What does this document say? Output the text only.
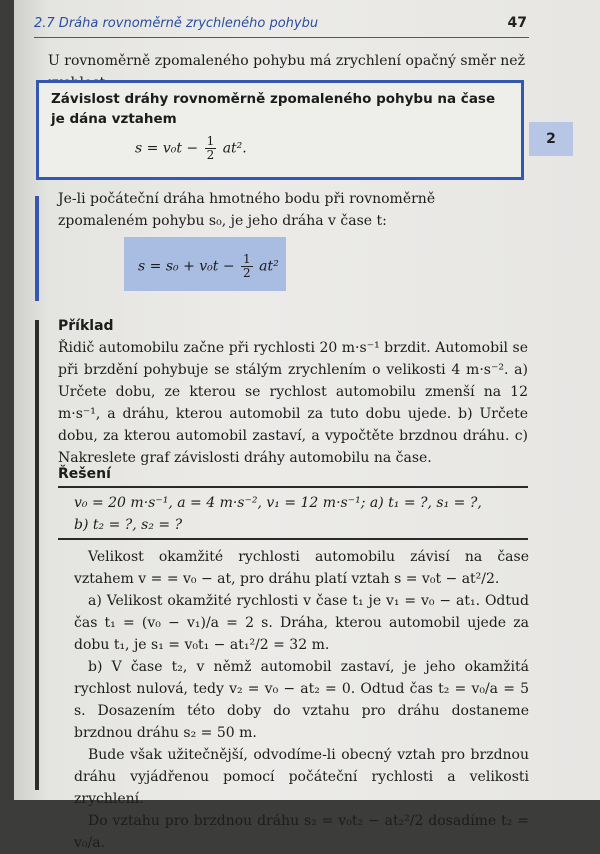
2.7 Dráha rovnoměrně zrychleného pohybu	47
2
U rovnoměrně zpomaleného pohybu má zrychlení opačný směr než
Závislost dráhy rovnoměrně zpomaleného pohybu na čase je dána vztahem
$s = v_0t - \frac{1}{2} at^2$.
Je-li počáteční dráha hmotného bodu při rovnoměrně zpomaleném pohybu s₀, je jeho dráha v čase t:
$s = s_0 + v_0t - \frac{1}{2} at^2$
Příklad
Řidič automobilu začne při rychlosti 20 m·s⁻¹ brzdit. Automobil se při brzdění pohybuje se stálým zrychlením o velikosti 4 m·s⁻². a) Určete dobu, ze kterou se rychlost automobilu zmenší na 12 m·s⁻¹, a dráhu, kterou automobil za tuto dobu ujede. b) Určete dobu, za kterou automobil zastaví, a vypočtěte brzdnou dráhu. c) Nakreslete graf závislosti dráhy automobilu na čase.
Řešení
v₀ = 20 m·s⁻¹, a = 4 m·s⁻², v₁ = 12 m·s⁻¹; a) t₁ = ?, s₁ = ?,
b) t₂ = ?, s₂ = ?
Velikost okamžité rychlosti automobilu závisí na čase vztahem v = = v₀ − at, pro dráhu platí vztah s = v₀t − at²/2.
a) Velikost okamžité rychlosti v čase t₁ je v₁ = v₀ − at₁. Odtud čas t₁ = (v₀ − v₁)/a = 2 s. Dráha, kterou automobil ujede za dobu t₁, je s₁ = v₀t₁ − at₁²/2 = 32 m.
b) V čase t₂, v němž automobil zastaví, je jeho okamžitá rychlost nulová, tedy v₂ = v₀ − at₂ = 0. Odtud čas t₂ = v₀/a = 5 s. Dosazením této doby do vztahu pro dráhu dostaneme brzdnou dráhu s₂ = 50 m.
Bude však užitečnější, odvodíme-li obecný vztah pro brzdnou dráhu vyjádřenou pomocí počáteční rychlosti a velikosti zrychlení.
Do vztahu pro brzdnou dráhu s₂ = v₀t₂ − at₂²/2 dosadíme t₂ = v₀/a.
